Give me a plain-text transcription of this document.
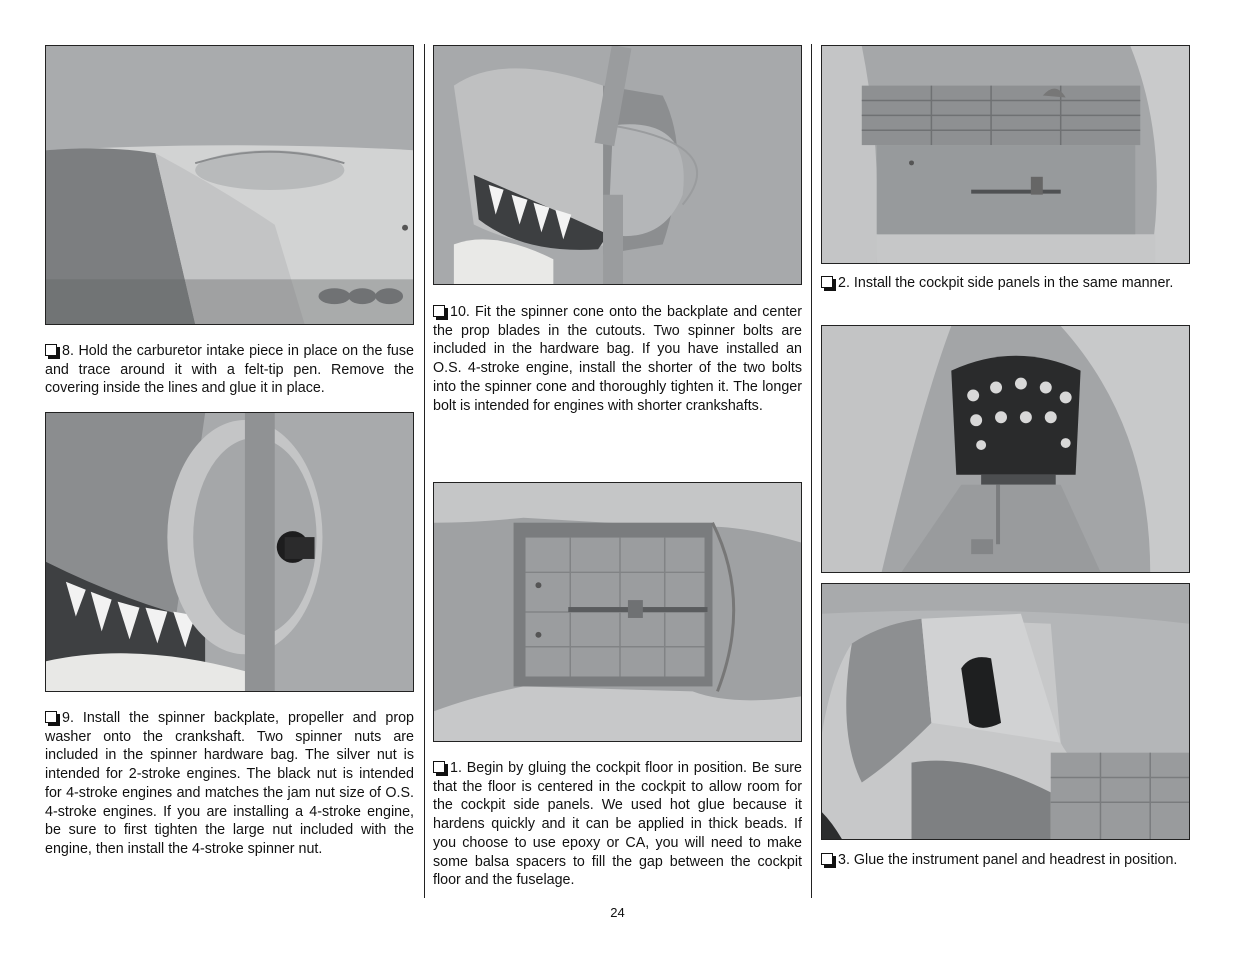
8. Hold the carburetor intake piece in place on the fuse and trace around it with a felt-tip pen. Remove the covering inside the lines and glue it in place.

9. Install the spinner backplate, propeller and prop washer onto the crankshaft. Two spinner nuts are included in the spinner hardware bag. The silver nut is intended for 2-stroke engines. The black nut is intended for 4-stroke engines and matches the jam nut size of O.S. 4-stroke engines. If you are installing a 4-stroke engine, be sure to first tighten the large nut included with the engine, then install the 4-stroke spinner nut.

10. Fit the spinner cone onto the backplate and center the prop blades in the cutouts. Two spinner bolts are included in the hardware bag. If you have installed an O.S. 4-stroke engine, install the shorter of the two bolts into the spinner cone and thoroughly tighten it. The longer bolt is intended for engines with shorter crankshafts.

1. Begin by gluing the cockpit floor in position. Be sure that the floor is centered in the cockpit to allow room for the cockpit side panels. We used hot glue because it hardens quickly and it can be applied in thick beads. If you choose to use epoxy or CA, you will need to make some balsa spacers to fill the gap between the cockpit floor and the fuselage.

2. Install the cockpit side panels in the same manner.

3. Glue the instrument panel and headrest in position.

24
